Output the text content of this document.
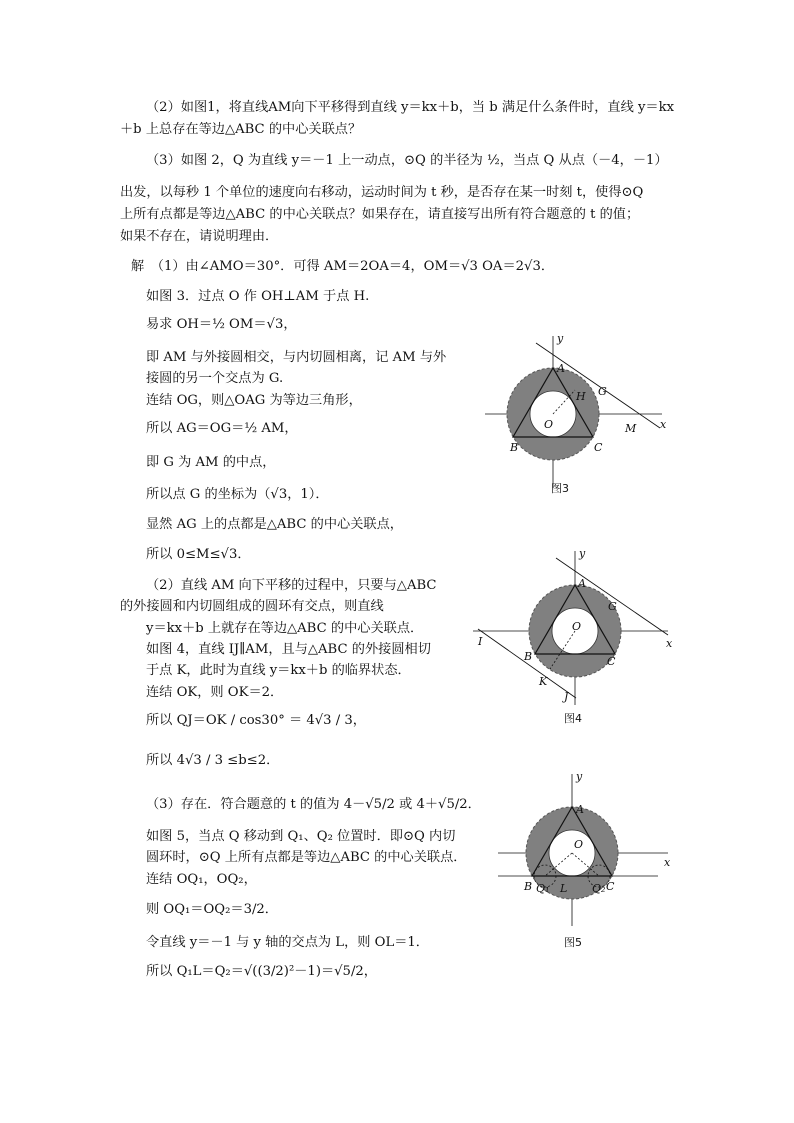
（2）如图1，将直线AM向下平移得到直线 y＝kx＋b，当 b 满足什么条件时，直线 y＝kx
＋b 上总存在等边△ABC 的中心关联点？
（3）如图 2，Q 为直线 y＝－1 上一动点，⊙Q 的半径为 ½，当点 Q 从点（－4，－1）
出发，以每秒 1 个单位的速度向右移动，运动时间为 t 秒，是否存在某一时刻 t，使得⊙Q
上所有点都是等边△ABC 的中心关联点？如果存在，请直接写出所有符合题意的 t 的值；
如果不存在，请说明理由．
解　（1）由∠AMO＝30°．可得 AM＝2OA＝4，OM＝√3 OA＝2√3．
如图 3．过点 O 作 OH⊥AM 于点 H.
易求 OH＝½ OM＝√3，
即 AM 与外接圆相交，与内切圆相离，记 AM 与外
接圆的另一个交点为 G.
连结 OG，则△OAG 为等边三角形，
所以 AG＝OG＝½ AM，
即 G 为 AM 的中点，
所以点 G 的坐标为（√3，1）．
显然 AG 上的点都是△ABC 的中心关联点，
所以 0≤M≤√3．
（2）直线 AM 向下平移的过程中，只要与△ABC
的外接圆和内切圆组成的圆环有交点，则直线
y＝kx＋b 上就存在等边△ABC 的中心关联点．
如图 4，直线 IJ∥AM，且与△ABC 的外接圆相切
于点 K，此时为直线 y＝kx＋b 的临界状态．
连结 OK，则 OK＝2．
所以 QJ＝OK / cos30° ＝ 4√3 / 3，
所以 4√3 / 3 ≤b≤2．
（3）存在．符合题意的 t 的值为 4－√5/2 或 4＋√5/2．
如图 5，当点 Q 移动到 Q₁、Q₂ 位置时．即⊙Q 内切
圆环时，⊙Q 上所有点都是等边△ABC 的中心关联点．
连结 OQ₁，OQ₂，
则 OQ₁＝OQ₂＝3/2．
令直线 y＝－1 与 y 轴的交点为 L，则 OL＝1．
所以 Q₁L＝Q₂＝√((3/2)²－1)＝√5/2，
y
x
A
G
H
O	M
B	C
图3
y
x
A
G
O
I
B	C
K
J
图4
y
x
A
O
B Q₁ L Q₂ C
图5
